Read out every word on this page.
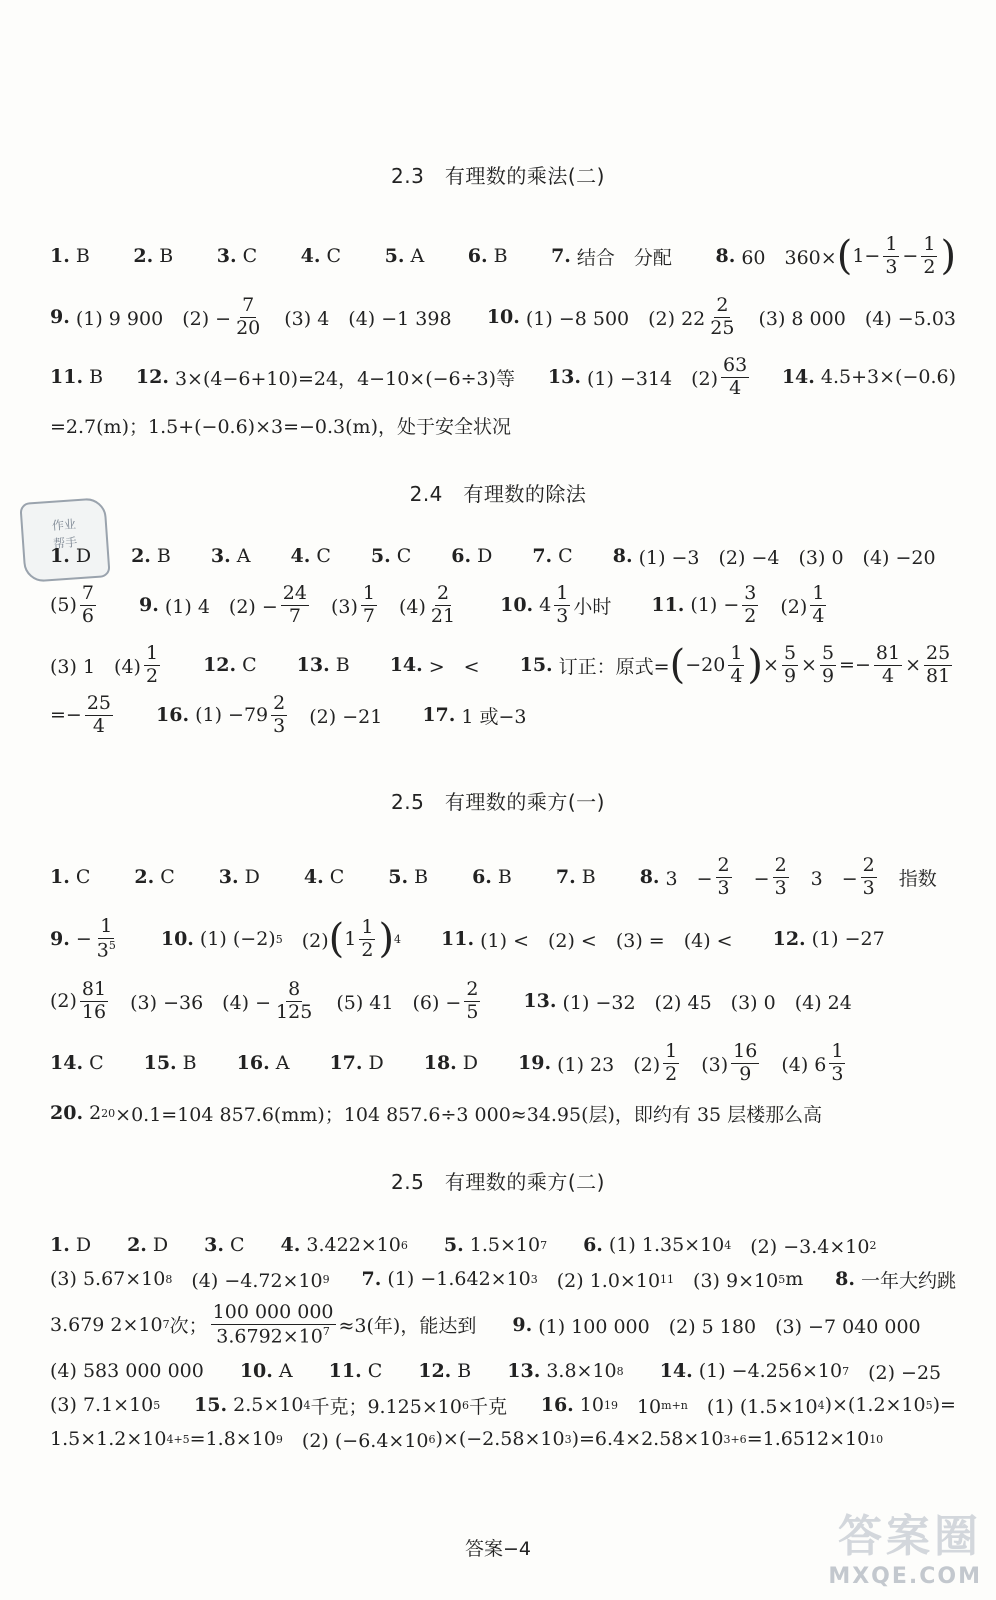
2.3　有理数的乘法(二)
1. B 2. B 3. C 4. C 5. A 6. B 7. 结合　分配 8. 60　360× ( $1- \frac{1}{3} - \frac{1}{2}$ )
9. (1) 9 900　$(2) - \frac{7}{20}$ 　(3) 4　(4) −1 398 10. (1) −8 500　(2) $22 \frac{2}{25}$ 　(3) 8 000　(4) −5.03
11. B 12. 3×(4−6+10)=24，4−10×(−6÷3)等 13. (1) −314　$(2) \frac{63}{4} 14$. 4.5+3×(−0.6)
=2.7(m)；1.5+(−0.6)×3=−0.3(m)，处于安全状况
2.4　有理数的除法
作业
帮手
1. D 2. B 3. A 4. C 5. C 6. D 7. C 8. (1) −3　(2) −4　(3) 0　(4) −20
$(5) \frac{7}{6} 9$. (1) 4　$(2) - \frac{24}{7}$ 　$(3) \frac{1}{7}$ 　$(4) \frac{2}{21} 10$. $4 \frac{1}{3}$ 小时 11. $(1) - \frac{3}{2}$ 　$(2) \frac{1}{4}$
(3) 1　$(4) \frac{1}{2} 12$. C 13. B 14. >　< 15. 订正：原式= ( $-20 \frac{1}{4}$ ) × $\frac{5}{9} \times \frac{5}{9} =- \frac{81}{4} \times \frac{25}{81}$
=− $\frac{25}{4} 16$. $(1) -79 \frac{2}{3}$ 　(2) −21 17. 1 或−3
2.5　有理数的乘方(一)
1. C 2. C 3. D 4. C 5. B 6. B 7. B 8. 3　− $\frac{2}{3}$ 　− $\frac{2}{3}$ 　3　− $\frac{2}{3}$ 　指数
9. − $\frac{1}{3^5} 10$. (1) (−2) 5 　(2) ( $1 \frac{1}{2}$ ) 4 11. (1) <　(2) <　(3) =　(4) < 12. (1) −27
$(2) \frac{81}{16}$ 　(3) −36　$(4) - \frac{8}{125}$ 　(5) 41　$(6) - \frac{2}{5} 13$. (1) −32　(2) 45　(3) 0　(4) 24
14. C 15. B 16. A 17. D 18. D 19. (1) 23　$(2) \frac{1}{2}$ 　$(3) \frac{16}{9}$ 　(4) $6 \frac{1}{3}$
20. 2 20 ×0.1=104 857.6(mm)；104 857.6÷3 000≈34.95(层)，即约有 35 层楼那么高
2.5　有理数的乘方(二)
1. D 2. D 3. C 4. 3.422×10 6 5. 1.5×10 7 6. (1) 1.35×10 4 　(2) −3.4×10 2
(3) 5.67×10 8 　(4) −4.72×10 9 7. (1) −1.642×10 3 　(2) 1.0×10 11 　(3) 9×10 5 m 8. 一年大约跳
3.679 2×10 7 次； $\frac{100 000 000}{3.6792\times 10^7} \approx 3$(年)，能达到 9. (1) 100 000　(2) 5 180　(3) −7 040 000
(4) 583 000 000 10. A 11. C 12. B 13. 3.8×10 8 14. (1) −4.256×10 7 　(2) −25
(3) 7.1×10 5 15. 2.5×10 4 千克；9.125×10 6 千克 16. 10 19 　10 m+n 　(1) (1.5×10 4 )×(1.2×10 5 )=
1.5×1.2×10 4+5 =1.8×10 9 　(2) (−6.4×10 6 )×(−2.58×10 3 )=6.4×2.58×10 3+6 =1.6512×10 10
答案−4	答案圈
MXQE.COM
